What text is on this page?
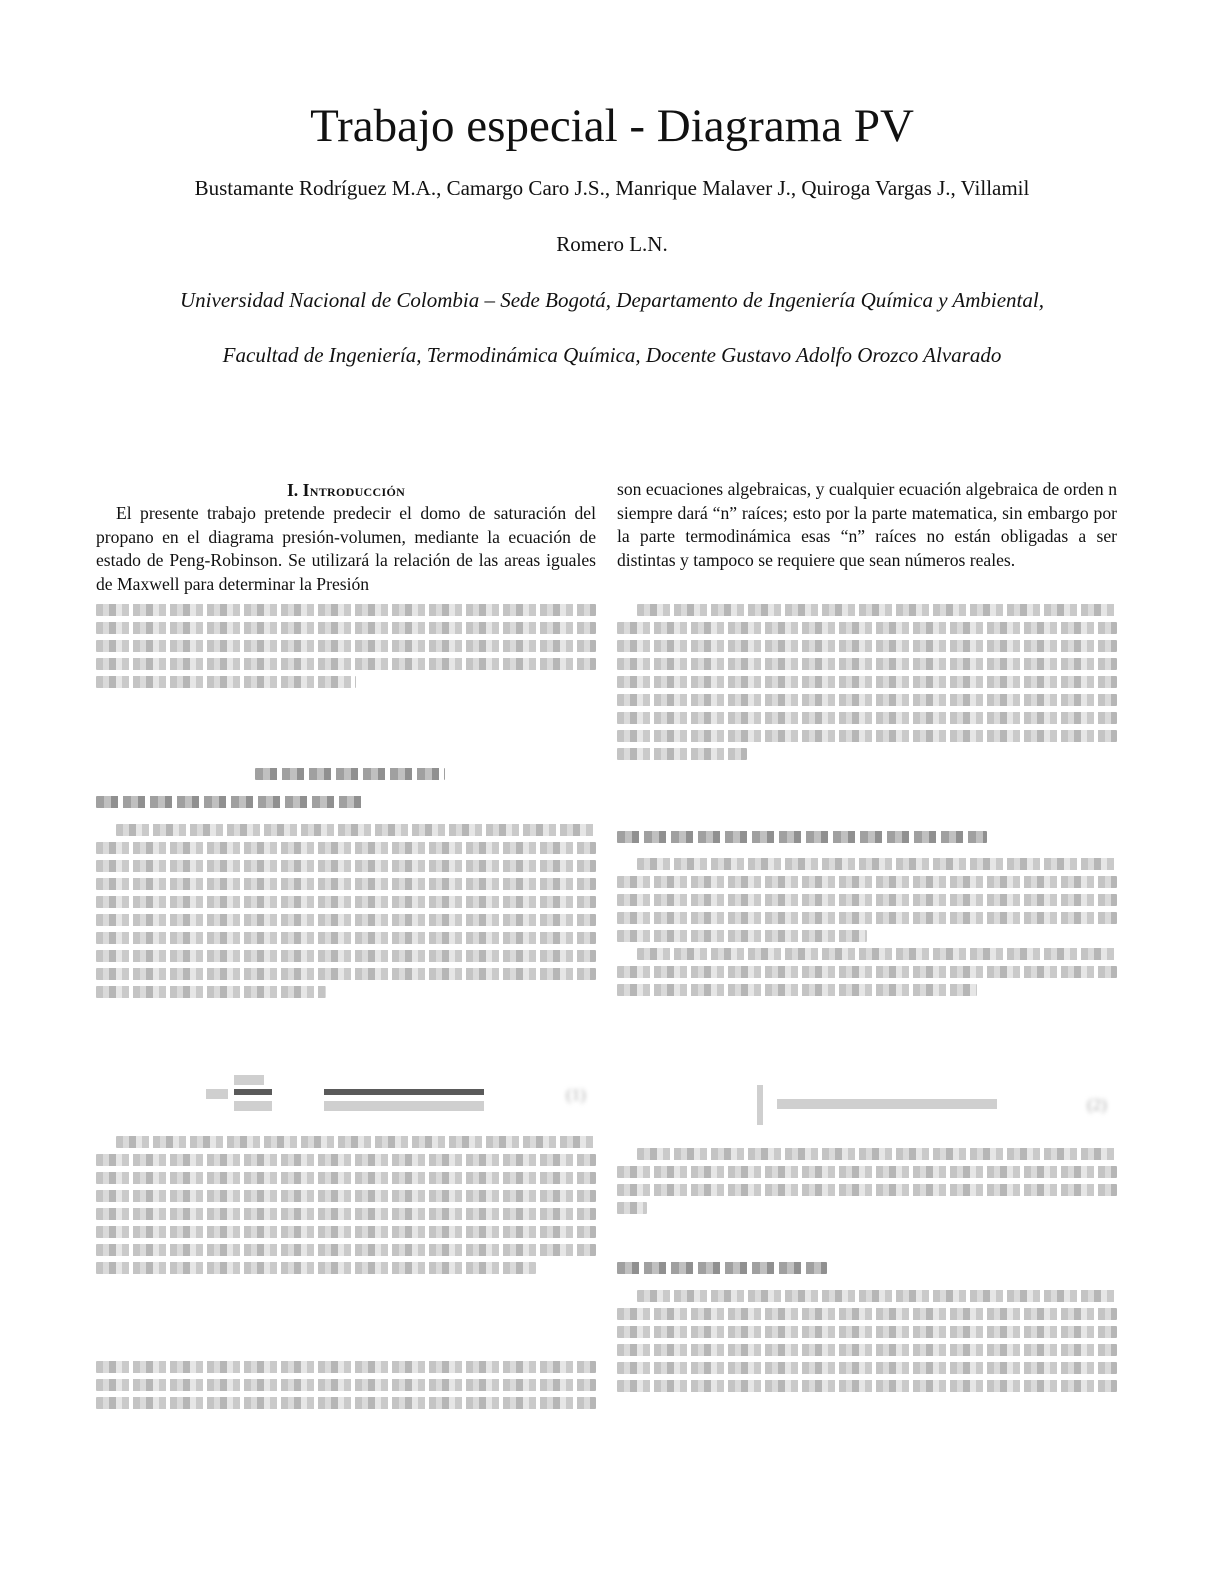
Trabajo especial - Diagrama PV
Bustamante Rodríguez M.A., Camargo Caro J.S., Manrique Malaver J., Quiroga Vargas J., Villamil
Romero L.N.
Universidad Nacional de Colombia – Sede Bogotá, Departamento de Ingeniería Química y Ambiental,
Facultad de Ingeniería, Termodinámica Química, Docente Gustavo Adolfo Orozco Alvarado
I. Introducción

El presente trabajo pretende predecir el domo de saturación del propano en el diagrama presión-volumen, mediante la ecuación de estado de Peng-Robinson. Se utilizará la relación de las areas iguales de Maxwell para determinar la Presión

(1)

son ecuaciones algebraicas, y cualquier ecuación algebraica de orden n siempre dará “n” raíces; esto por la parte matematica, sin embargo por la parte termodinámica esas “n” raíces no están obligadas a ser distintas y tampoco se requiere que sean números reales.

(2)
